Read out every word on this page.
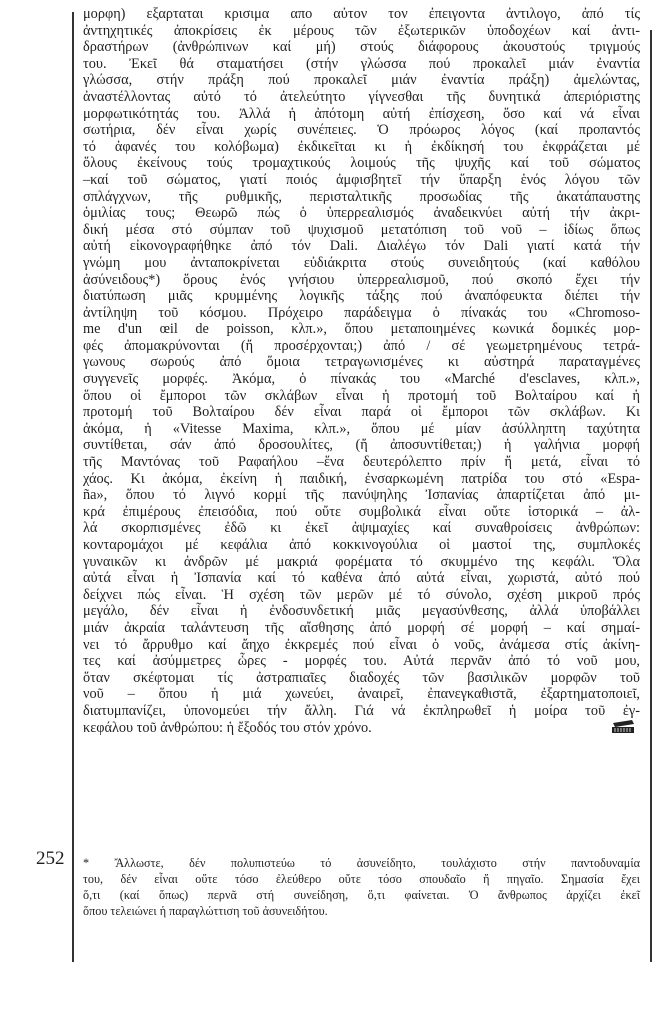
μορφη) εξαρταται κρισιμα απο αὐτον τον ἐπειγοντα ἀντιλογο, ἀπό τίς
ἀντηχητικές ἀποκρίσεις ἐκ μέρους τῶν ἐξωτερικῶν ὑποδοχέων καί ἀντι-
δραστήρων (ἀνθρώπινων καί μή) στούς διάφορους ἀκουστούς τριγμούς
του. Ἐκεῖ θά σταματήσει (στήν γλώσσα πού προκαλεῖ μιάν ἐναντία
γλώσσα, στήν πράξη πού προκαλεῖ μιάν ἐναντία πράξη) ἀμελώντας,
ἀναστέλλοντας αὐτό τό ἀτελεύτητο γίγνεσθαι τῆς δυνητικά ἀπεριόριστης
μορφωτικότητάς του. Ἀλλά ἡ ἀπότομη αὐτή ἐπίσχεση, ὅσο καί νά εἶναι
σωτήρια, δέν εἶναι χωρίς συνέπειες. Ὁ πρόωρος λόγος (καί προπαντός
τό ἀφανές του κολόβωμα) ἐκδικεῖται κι ἡ ἐκδίκησή του ἐκφράζεται μέ
ὅλους ἐκείνους τούς τρομαχτικούς λοιμούς τῆς ψυχῆς καί τοῦ σώματος
–καί τοῦ σώματος, γιατί ποιός ἀμφισβητεῖ τήν ὕπαρξη ἑνός λόγου τῶν
σπλάγχνων, τῆς ρυθμικῆς, περισταλτικῆς προσωδίας τῆς ἀκατάπαυστης
ὁμιλίας τους; Θεωρῶ πώς ὁ ὑπερρεαλισμός ἀναδεικνύει αὐτή τήν ἀκρι-
δική μέσα στό σύμπαν τοῦ ψυχισμοῦ μετατόπιση τοῦ νοῦ – ἰδίως ὅπως
αὐτή εἰκονογραφήθηκε ἀπό τόν Dali. Διαλέγω τόν Dali γιατί κατά τήν
γνώμη μου ἀνταποκρίνεται εὐδιάκριτα στούς συνειδητούς (καί καθόλου
ἀσύνειδους*) ὅρους ἑνός γνήσιου ὑπερρεαλισμοῦ, πού σκοπό ἔχει τήν
διατύπωση μιᾶς κρυμμένης λογικῆς τάξης πού ἀναπόφευκτα διέπει τήν
ἀντίληψη τοῦ κόσμου. Πρόχειρο παράδειγμα ὁ πίνακάς του «Chromoso-
me d'un œil de poisson, κλπ.», ὅπου μεταποιημένες κωνικά δομικές μορ-
φές ἀπομακρύνονται (ἤ προσέρχονται;) ἀπό / σέ γεωμετρημένους τετρά-
γωνους σωρούς ἀπό ὅμοια τετραγωνισμένες κι αὐστηρά παραταγμένες
συγγενεῖς μορφές. Ἀκόμα, ὁ πίνακάς του «Marché d'esclaves, κλπ.»,
ὅπου οἱ ἔμποροι τῶν σκλάβων εἶναι ἡ προτομή τοῦ Βολταίρου καί ἡ
προτομή τοῦ Βολταίρου δέν εἶναι παρά οἱ ἔμποροι τῶν σκλάβων. Κι
ἀκόμα, ἡ «Vitesse Maxima, κλπ.», ὅπου μέ μίαν ἀσύλληπτη ταχύτητα
συντίθεται, σάν ἀπό δροσουλίτες, (ἤ ἀποσυντίθεται;) ἡ γαλήνια μορφή
τῆς Μαντόνας τοῦ Ραφαήλου –ἕνα δευτερόλεπτο πρίν ἤ μετά, εἶναι τό
χάος. Κι ἀκόμα, ἐκείνη ἡ παιδική, ἐνσαρκωμένη πατρίδα του στό «Espa-
ña», ὅπου τό λιγνό κορμί τῆς πανύψηλης Ἰσπανίας ἀπαρτίζεται ἀπό μι-
κρά ἐπιμέρους ἐπεισόδια, πού οὔτε συμβολικά εἶναι οὔτε ἱστορικά – ἀλ-
λά σκορπισμένες ἐδῶ κι ἐκεῖ ἀψιμαχίες καί συναθροίσεις ἀνθρώπων:
κονταρομάχοι μέ κεφάλια ἀπό κοκκινογούλια οἱ μαστοί της, συμπλοκές
γυναικῶν κι ἀνδρῶν μέ μακριά φορέματα τό σκυμμένο της κεφάλι. Ὅλα
αὐτά εἶναι ἡ Ἰσπανία καί τό καθένα ἀπό αὐτά εἶναι, χωριστά, αὐτό πού
δείχνει πώς εἶναι. Ἡ σχέση τῶν μερῶν μέ τό σύνολο, σχέση μικροῦ πρός
μεγάλο, δέν εἶναι ἡ ἐνδοσυνδετική μιᾶς μεγασύνθεσης, ἀλλά ὑποβάλλει
μιάν ἀκραία ταλάντευση τῆς αἴσθησης ἀπό μορφή σέ μορφή – καί σημαί-
νει τό ἄρρυθμο καί ἄηχο ἐκκρεμές πού εἶναι ὁ νοῦς, ἀνάμεσα στίς ἀκίνη-
τες καί ἀσύμμετρες ὧρες - μορφές του. Αὐτά περνᾶν ἀπό τό νοῦ μου,
ὅταν σκέφτομαι τίς ἀστραπιαῖες διαδοχές τῶν βασιλικῶν μορφῶν τοῦ
νοῦ – ὅπου ἡ μιά χωνεύει, ἀναιρεῖ, ἐπανεγκαθιστᾶ, ἐξαρτηματοποιεῖ,
διατυμπανίζει, ὑπονομεύει τήν ἄλλη. Γιά νά ἐκπληρωθεῖ ἡ μοίρα τοῦ ἐγ-
κεφάλου τοῦ ἀνθρώπου: ἡ ἔξοδός του στόν χρόνο.
252 * Ἄλλωστε, δέν πολυπιστεύω τό ἀσυνείδητο, τουλάχιστο στήν παντοδυναμία
του, δέν εἶναι οὔτε τόσο ἐλεύθερο οὔτε τόσο σπουδαῖο ἤ πηγαῖο. Σημασία ἔχει
ὅ,τι (καί ὅπως) περνᾶ στή συνείδηση, ὅ,τι φαίνεται. Ὁ ἄνθρωπος ἀρχίζει ἐκεῖ
ὅπου τελειώνει ἡ παραγλώττιση τοῦ ἀσυνειδήτου.
